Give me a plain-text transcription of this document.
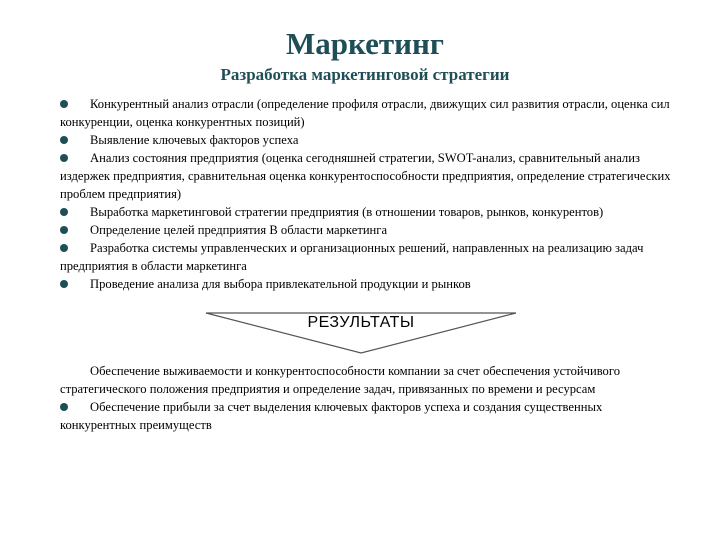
Маркетинг
Разработка маркетинговой стратегии
Конкурентный анализ отрасли (определение профиля отрасли, движущих сил развития отрасли, оценка сил конкуренции, оценка конкурентных позиций)
Выявление ключевых факторов успеха
Анализ состояния предприятия (оценка сегодняшней стратегии, SWOT-анализ, сравнительный анализ издержек предприятия, сравнительная оценка конкурентоспособности предприятия, определение стратегических проблем предприятия)
Выработка маркетинговой стратегии предприятия (в отношении товаров, рынков, конкурентов)
Определение целей предприятия В области маркетинга
Разработка системы управленческих и организационных решений, направленных на реализацию задач предприятия в области маркетинга
Проведение анализа для выбора привлекательной продукции и рынков
РЕЗУЛЬТАТЫ
Обеспечение выживаемости и конкурентоспособности компании за счет обеспечения устойчивого стратегического положения предприятия и определение задач, привязанных по времени и ресурсам
Обеспечение прибыли за счет выделения ключевых факторов успеха и создания существенных конкурентных преимуществ
